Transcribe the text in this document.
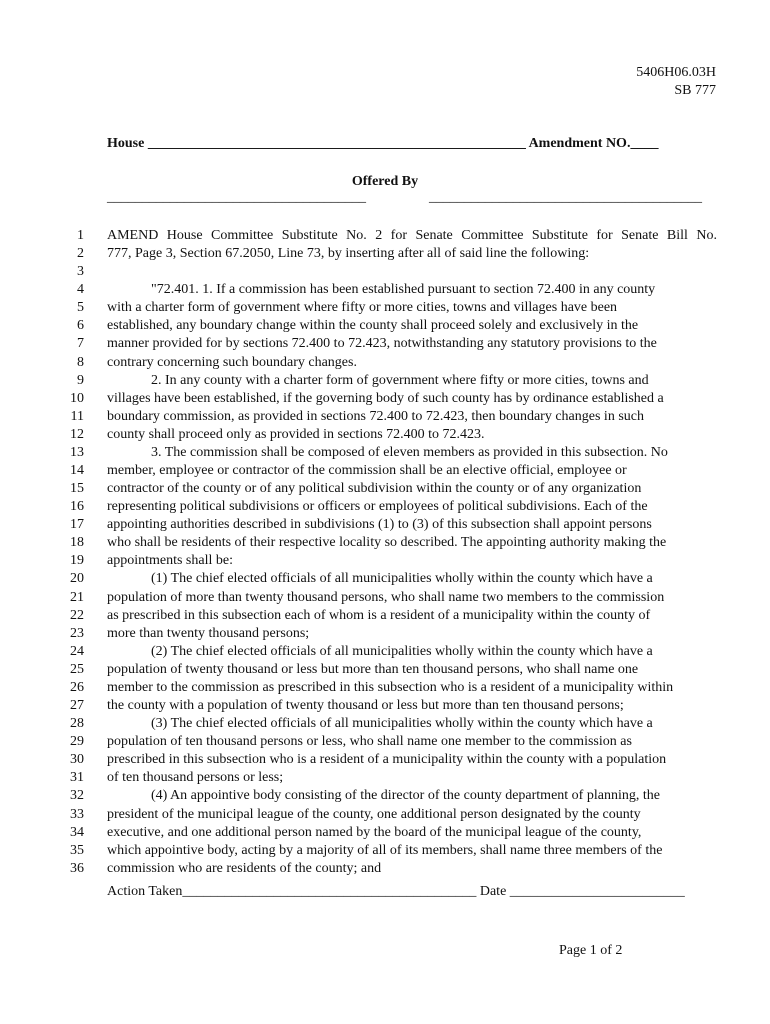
5406H06.03H
SB 777
House ______________________________________________________ Amendment NO.____
Offered By
_____________________________________	_______________________________________
1
2
3
4
5
6
7
8
9
10
11
12
13
14
15
16
17
18
19
20
21
22
23
24
25
26
27
28
29
30
31
32
33
34
35
36
AMEND House Committee Substitute No. 2 for Senate Committee Substitute for Senate Bill No.
777, Page 3, Section 67.2050, Line 73, by inserting after all of said line the following:
"72.401. 1. If a commission has been established pursuant to section 72.400 in any county
with a charter form of government where fifty or more cities, towns and villages have been
established, any boundary change within the county shall proceed solely and exclusively in the
manner provided for by sections 72.400 to 72.423, notwithstanding any statutory provisions to the
contrary concerning such boundary changes.
2. In any county with a charter form of government where fifty or more cities, towns and
villages have been established, if the governing body of such county has by ordinance established a
boundary commission, as provided in sections 72.400 to 72.423, then boundary changes in such
county shall proceed only as provided in sections 72.400 to 72.423.
3. The commission shall be composed of eleven members as provided in this subsection. No
member, employee or contractor of the commission shall be an elective official, employee or
contractor of the county or of any political subdivision within the county or of any organization
representing political subdivisions or officers or employees of political subdivisions. Each of the
appointing authorities described in subdivisions (1) to (3) of this subsection shall appoint persons
who shall be residents of their respective locality so described. The appointing authority making the
appointments shall be:
(1) The chief elected officials of all municipalities wholly within the county which have a
population of more than twenty thousand persons, who shall name two members to the commission
as prescribed in this subsection each of whom is a resident of a municipality within the county of
more than twenty thousand persons;
(2) The chief elected officials of all municipalities wholly within the county which have a
population of twenty thousand or less but more than ten thousand persons, who shall name one
member to the commission as prescribed in this subsection who is a resident of a municipality within
the county with a population of twenty thousand or less but more than ten thousand persons;
(3) The chief elected officials of all municipalities wholly within the county which have a
population of ten thousand persons or less, who shall name one member to the commission as
prescribed in this subsection who is a resident of a municipality within the county with a population
of ten thousand persons or less;
(4) An appointive body consisting of the director of the county department of planning, the
president of the municipal league of the county, one additional person designated by the county
executive, and one additional person named by the board of the municipal league of the county,
which appointive body, acting by a majority of all of its members, shall name three members of the
commission who are residents of the county; and
Action Taken__________________________________________ Date _________________________
Page 1 of 2
